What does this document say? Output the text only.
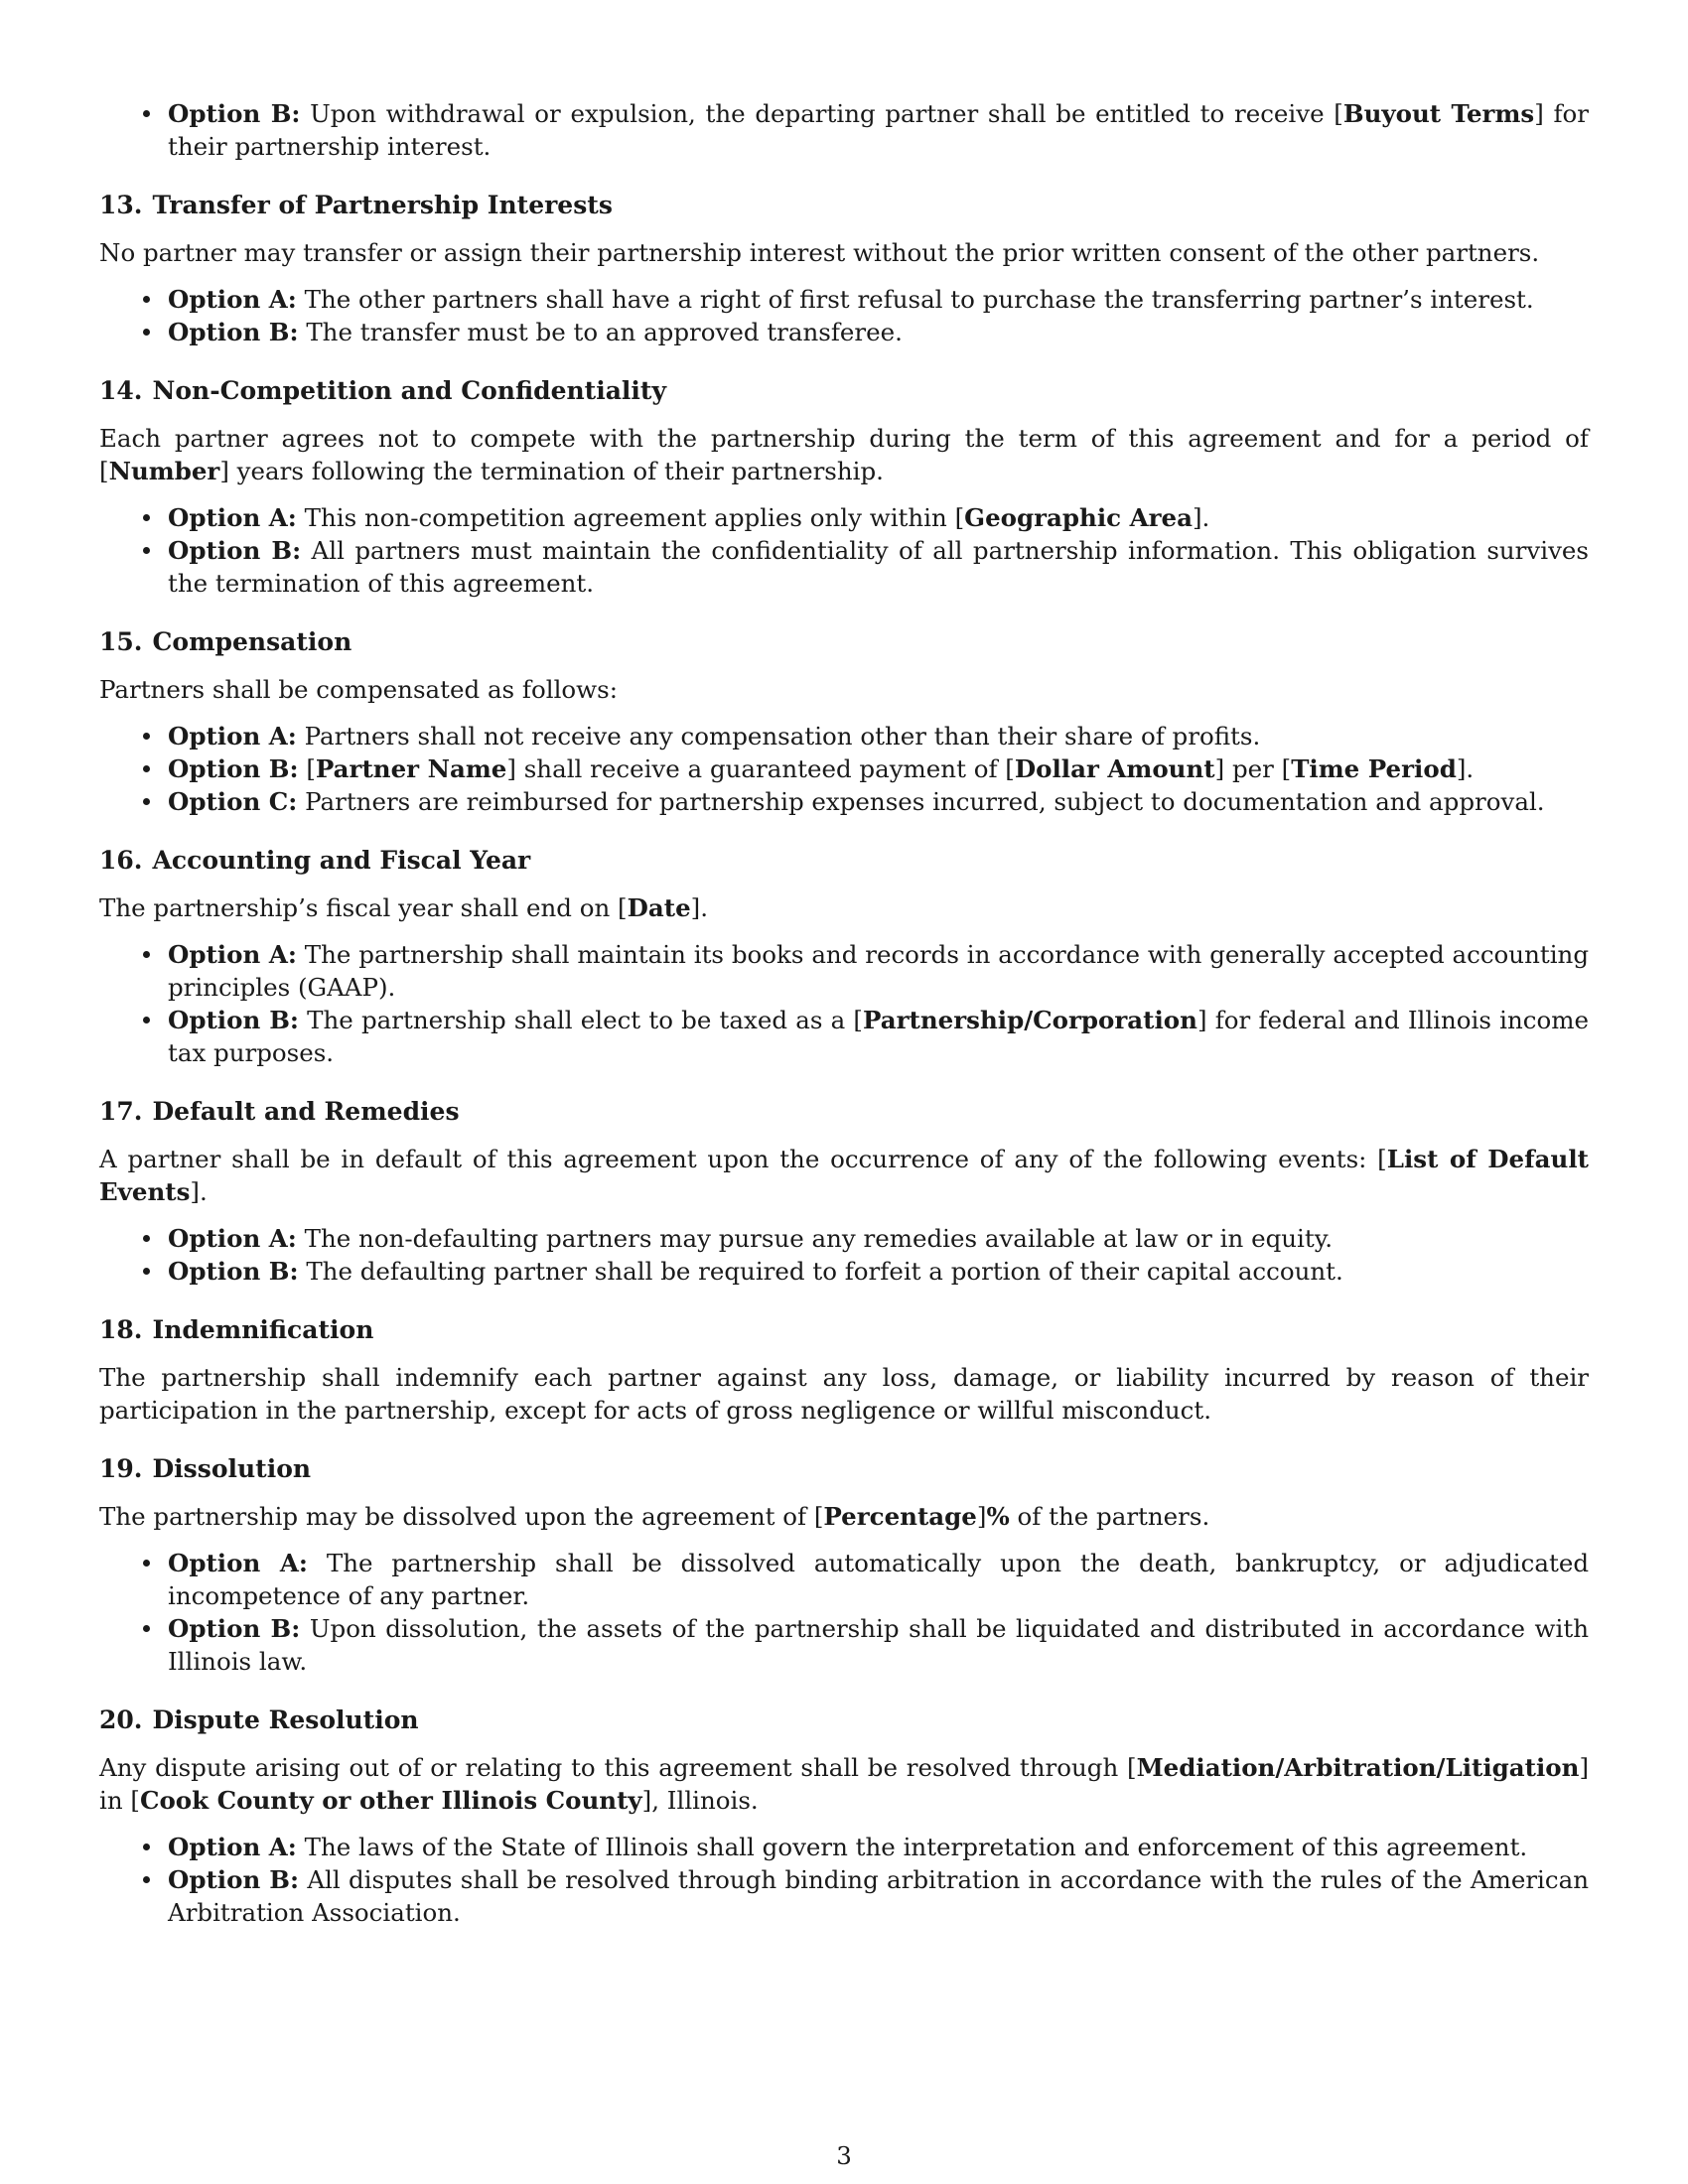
Option B: Upon withdrawal or expulsion, the departing partner shall be entitled to receive [Buyout Terms] for their partnership interest.
13. Transfer of Partnership Interests

No partner may transfer or assign their partnership interest without the prior written consent of the other partners.

Option A: The other partners shall have a right of first refusal to purchase the transferring partner’s interest.
Option B: The transfer must be to an approved transferee.
14. Non-Competition and Confidentiality

Each partner agrees not to compete with the partnership during the term of this agreement and for a period of [Number] years following the termination of their partnership.

Option A: This non-competition agreement applies only within [Geographic Area].
Option B: All partners must maintain the confidentiality of all partnership information. This obligation survives the termination of this agreement.
15. Compensation

Partners shall be compensated as follows:

Option A: Partners shall not receive any compensation other than their share of profits.
Option B: [Partner Name] shall receive a guaranteed payment of [Dollar Amount] per [Time Period].
Option C: Partners are reimbursed for partnership expenses incurred, subject to documentation and approval.
16. Accounting and Fiscal Year

The partnership’s fiscal year shall end on [Date].

Option A: The partnership shall maintain its books and records in accordance with generally accepted accounting principles (GAAP).
Option B: The partnership shall elect to be taxed as a [Partnership/Corporation] for federal and Illinois income tax purposes.
17. Default and Remedies

A partner shall be in default of this agreement upon the occurrence of any of the following events: [List of Default Events].

Option A: The non-defaulting partners may pursue any remedies available at law or in equity.
Option B: The defaulting partner shall be required to forfeit a portion of their capital account.
18. Indemnification

The partnership shall indemnify each partner against any loss, damage, or liability incurred by reason of their participation in the partnership, except for acts of gross negligence or willful misconduct.

19. Dissolution

The partnership may be dissolved upon the agreement of [Percentage]% of the partners.

Option A: The partnership shall be dissolved automatically upon the death, bankruptcy, or adjudicated incompetence of any partner.
Option B: Upon dissolution, the assets of the partnership shall be liquidated and distributed in accordance with Illinois law.
20. Dispute Resolution

Any dispute arising out of or relating to this agreement shall be resolved through [Mediation/Arbitration/Litigation] in [Cook County or other Illinois County], Illinois.

Option A: The laws of the State of Illinois shall govern the interpretation and enforcement of this agreement.
Option B: All disputes shall be resolved through binding arbitration in accordance with the rules of the American Arbitration Association.
3
